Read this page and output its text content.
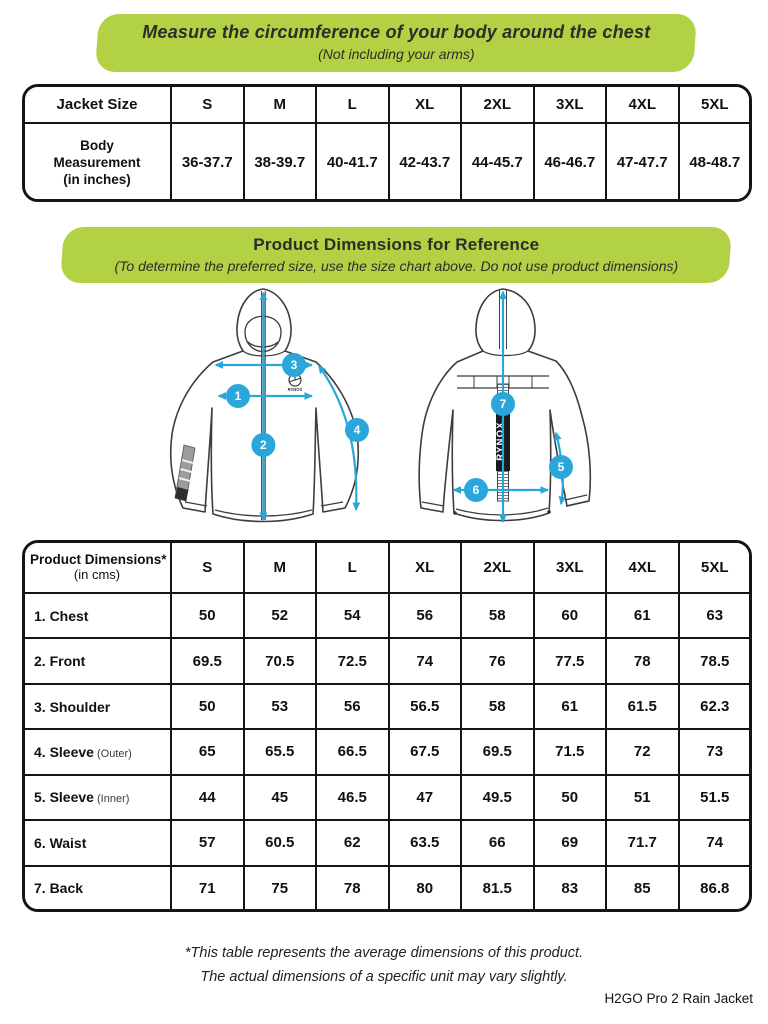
Measure the circumference of your body around the chest
(Not including your arms)
Jacket Size	S	M	L	XL	2XL	3XL	4XL	5XL

Body
Measurement
(in inches)	36-37.7	38-39.7	40-41.7	42-43.7	44-45.7	46-46.7	47-47.7	48-48.7
Product Dimensions for Reference
(To determine the preferred size, use the size chart above. Do not use product dimensions)
RYNOX
1
2
3
4	RYNOX
5
6
7
Product Dimensions*
(in cms)	S	M	L	XL	2XL	3XL	4XL	5XL
1. Chest	50	52	54	56	58	60	61	63
2. Front	69.5	70.5	72.5	74	76	77.5	78	78.5
3. Shoulder	50	53	56	56.5	58	61	61.5	62.3
4. Sleeve (Outer)	65	65.5	66.5	67.5	69.5	71.5	72	73
5. Sleeve (Inner)	44	45	46.5	47	49.5	50	51	51.5
6. Waist	57	60.5	62	63.5	66	69	71.7	74
7. Back	71	75	78	80	81.5	83	85	86.8
*This table represents the average dimensions of this product.
The actual dimensions of a specific unit may vary slightly.
H2GO Pro 2 Rain Jacket
